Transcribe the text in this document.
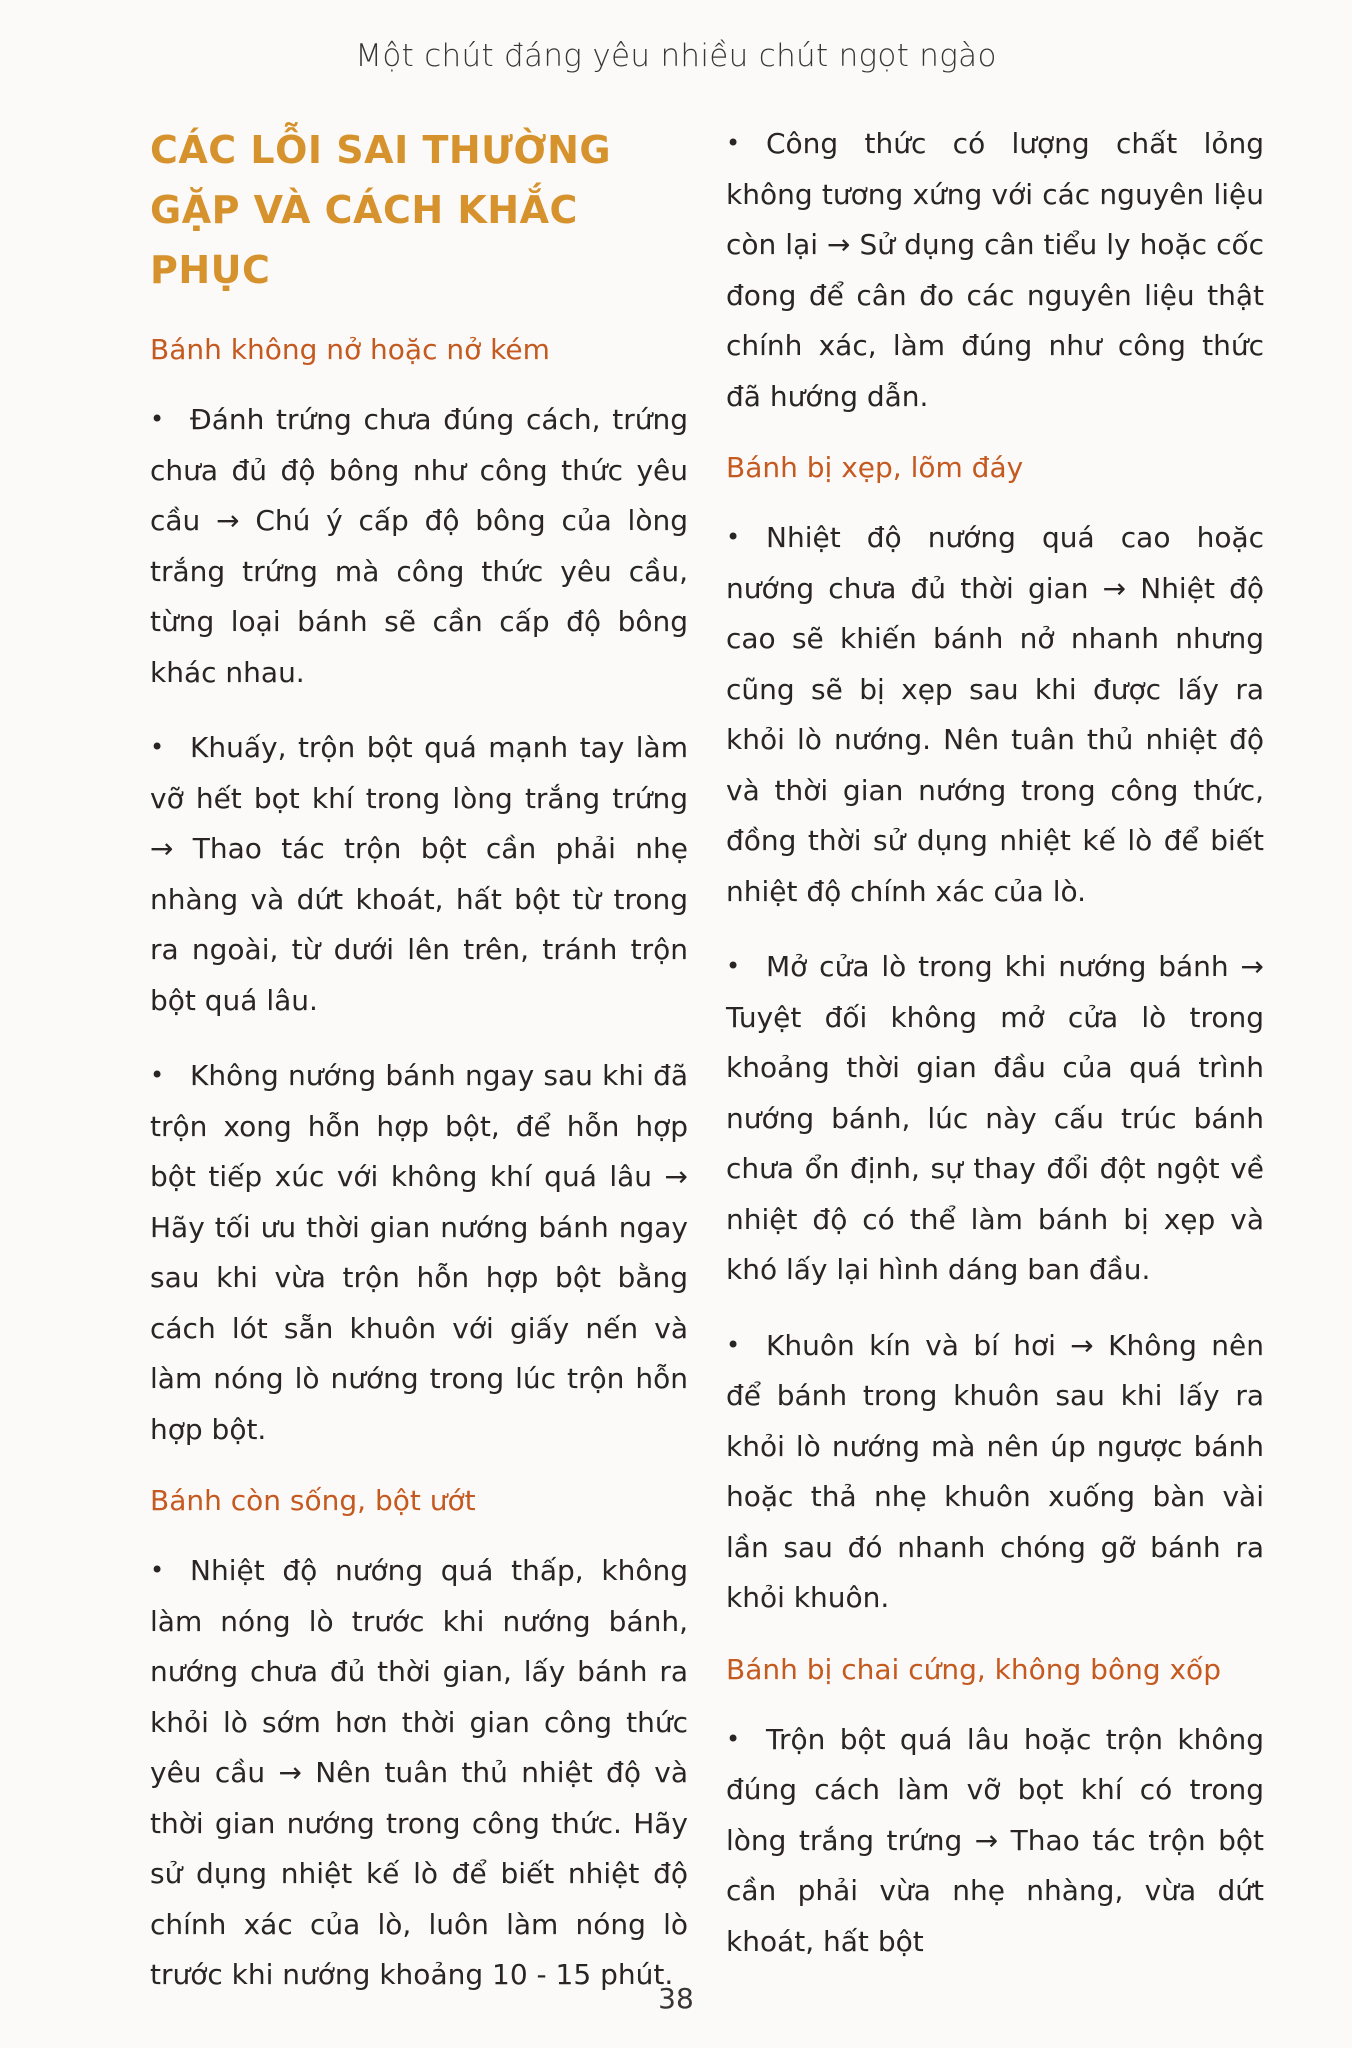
Một chút đáng yêu nhiều chút ngọt ngào
CÁC LỖI SAI THƯỜNG GẶP VÀ CÁCH KHẮC PHỤC
Bánh không nở hoặc nở kém

• Đánh trứng chưa đúng cách, trứng chưa đủ độ bông như công thức yêu cầu → Chú ý cấp độ bông của lòng trắng trứng mà công thức yêu cầu, từng loại bánh sẽ cần cấp độ bông khác nhau.

• Khuấy, trộn bột quá mạnh tay làm vỡ hết bọt khí trong lòng trắng trứng → Thao tác trộn bột cần phải nhẹ nhàng và dứt khoát, hất bột từ trong ra ngoài, từ dưới lên trên, tránh trộn bột quá lâu.

• Không nướng bánh ngay sau khi đã trộn xong hỗn hợp bột, để hỗn hợp bột tiếp xúc với không khí quá lâu → Hãy tối ưu thời gian nướng bánh ngay sau khi vừa trộn hỗn hợp bột bằng cách lót sẵn khuôn với giấy nến và làm nóng lò nướng trong lúc trộn hỗn hợp bột.

Bánh còn sống, bột ướt

• Nhiệt độ nướng quá thấp, không làm nóng lò trước khi nướng bánh, nướng chưa đủ thời gian, lấy bánh ra khỏi lò sớm hơn thời gian công thức yêu cầu → Nên tuân thủ nhiệt độ và thời gian nướng trong công thức. Hãy sử dụng nhiệt kế lò để biết nhiệt độ chính xác của lò, luôn làm nóng lò trước khi nướng khoảng 10 - 15 phút.

• Công thức có lượng chất lỏng không tương xứng với các nguyên liệu còn lại → Sử dụng cân tiểu ly hoặc cốc đong để cân đo các nguyên liệu thật chính xác, làm đúng như công thức đã hướng dẫn.

Bánh bị xẹp, lõm đáy

• Nhiệt độ nướng quá cao hoặc nướng chưa đủ thời gian → Nhiệt độ cao sẽ khiến bánh nở nhanh nhưng cũng sẽ bị xẹp sau khi được lấy ra khỏi lò nướng. Nên tuân thủ nhiệt độ và thời gian nướng trong công thức, đồng thời sử dụng nhiệt kế lò để biết nhiệt độ chính xác của lò.

• Mở cửa lò trong khi nướng bánh → Tuyệt đối không mở cửa lò trong khoảng thời gian đầu của quá trình nướng bánh, lúc này cấu trúc bánh chưa ổn định, sự thay đổi đột ngột về nhiệt độ có thể làm bánh bị xẹp và khó lấy lại hình dáng ban đầu.

• Khuôn kín và bí hơi → Không nên để bánh trong khuôn sau khi lấy ra khỏi lò nướng mà nên úp ngược bánh hoặc thả nhẹ khuôn xuống bàn vài lần sau đó nhanh chóng gỡ bánh ra khỏi khuôn.

Bánh bị chai cứng, không bông xốp

• Trộn bột quá lâu hoặc trộn không đúng cách làm vỡ bọt khí có trong lòng trắng trứng → Thao tác trộn bột cần phải vừa nhẹ nhàng, vừa dứt khoát, hất bột

38
